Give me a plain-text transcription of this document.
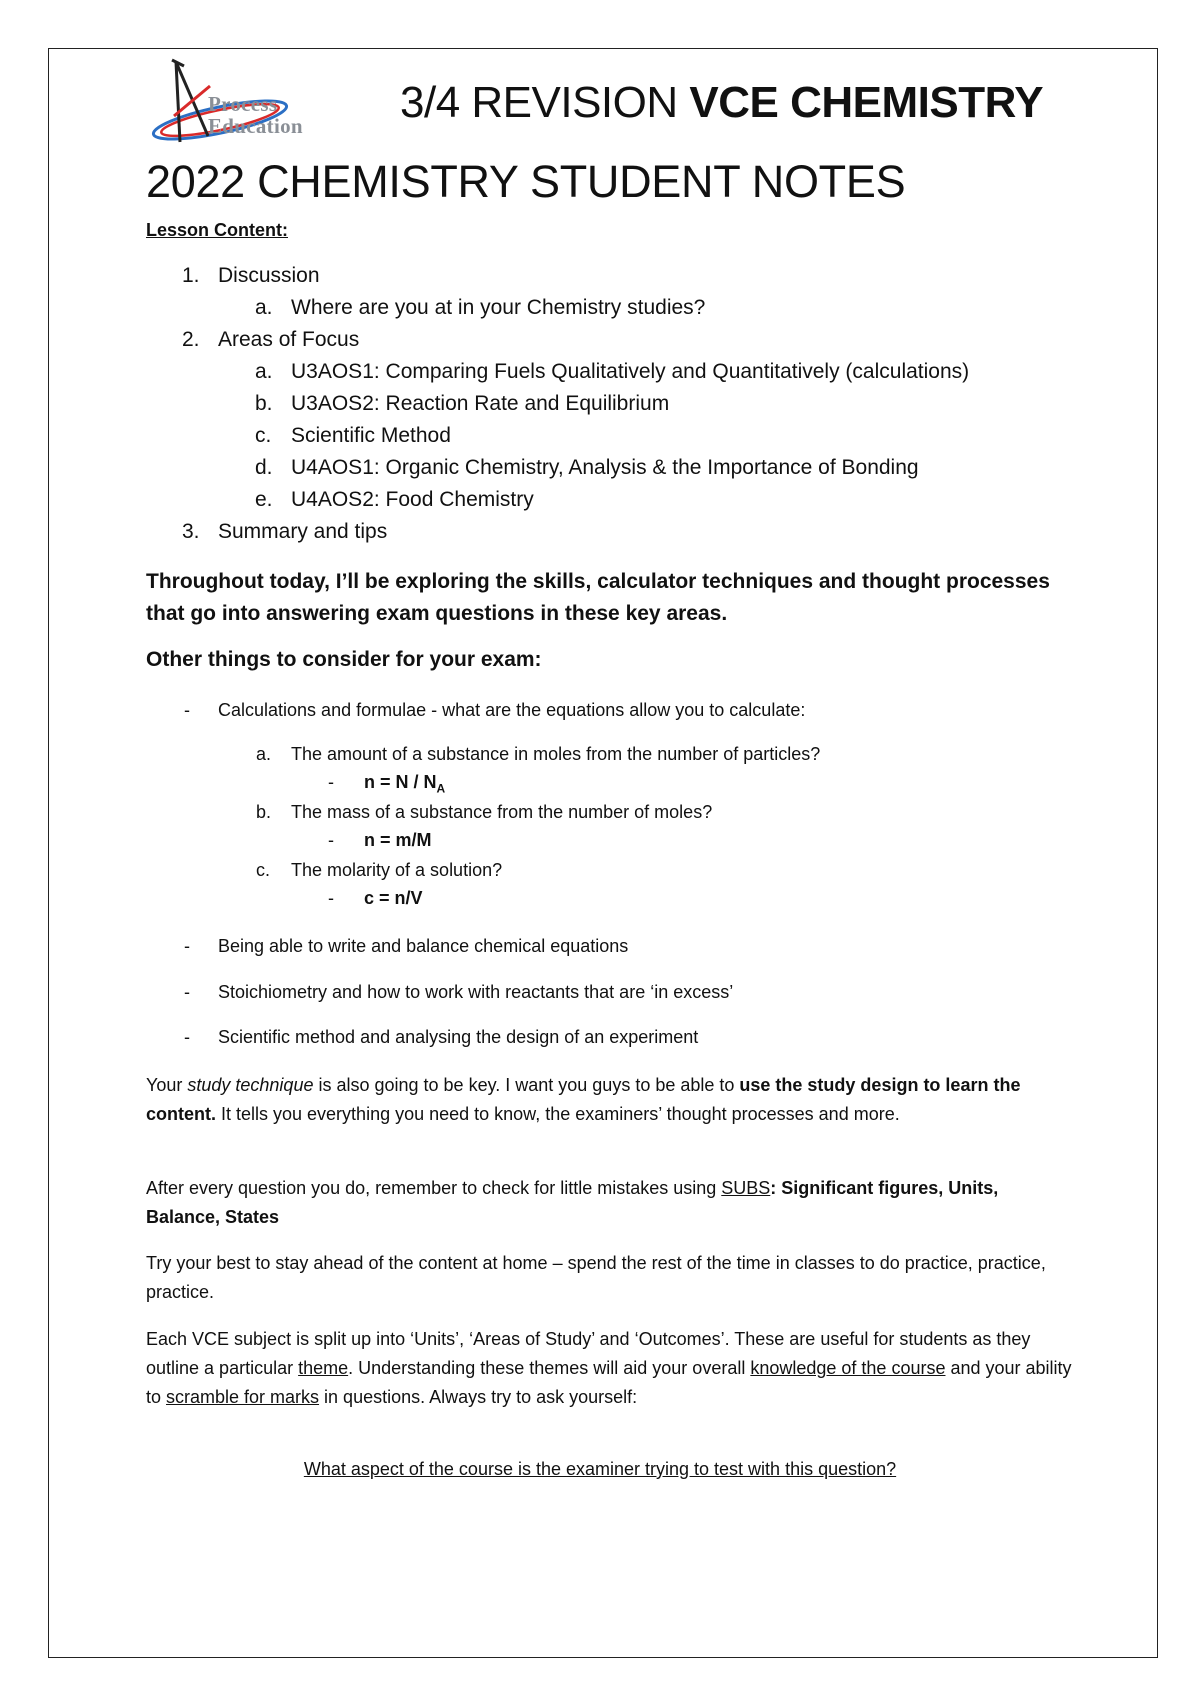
Process
Education 3/4 REVISION VCE CHEMISTRY
2022 CHEMISTRY STUDENT NOTES
Lesson Content:
1. Discussion
a. Where are you at in your Chemistry studies?
2. Areas of Focus
a. U3AOS1: Comparing Fuels Qualitatively and Quantitatively (calculations)
b. U3AOS2: Reaction Rate and Equilibrium
c. Scientific Method
d. U4AOS1: Organic Chemistry, Analysis & the Importance of Bonding
e. U4AOS2: Food Chemistry
3. Summary and tips
Throughout today, I’ll be exploring the skills, calculator techniques and thought processes that go into answering exam questions in these key areas.
Other things to consider for your exam:
- Calculations and formulae - what are the equations allow you to calculate:
a. The amount of a substance in moles from the number of particles?
- $n = N / N_A$
b. The mass of a substance from the number of moles?
- n = m/M
c. The molarity of a solution?
- c = n/V
- Being able to write and balance chemical equations
- Stoichiometry and how to work with reactants that are ‘in excess’
- Scientific method and analysing the design of an experiment
Your study technique is also going to be key. I want you guys to be able to use the study design to learn the content. It tells you everything you need to know, the examiners’ thought processes and more.
After every question you do, remember to check for little mistakes using SUBS: Significant figures, Units, Balance, States
Try your best to stay ahead of the content at home – spend the rest of the time in classes to do practice, practice, practice.
Each VCE subject is split up into ‘Units’, ‘Areas of Study’ and ‘Outcomes’. These are useful for students as they outline a particular theme. Understanding these themes will aid your overall knowledge of the course and your ability to scramble for marks in questions. Always try to ask yourself:
What aspect of the course is the examiner trying to test with this question?
